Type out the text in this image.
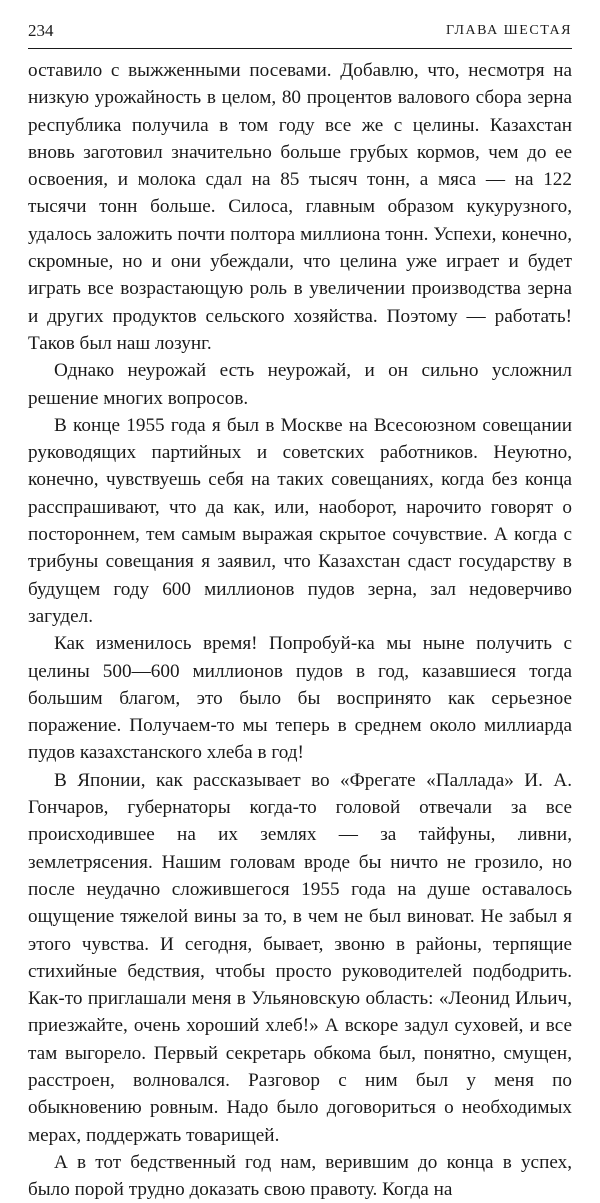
234	ГЛАВА ШЕСТАЯ

оставило с выжженными посевами. Добавлю, что, несмотря на низкую урожайность в целом, 80 процентов валового сбора зерна республика получила в том году все же с целины. Казахстан вновь заготовил значительно больше грубых кормов, чем до ее освоения, и молока сдал на 85 тысяч тонн, а мяса — на 122 тысячи тонн больше. Силоса, главным образом кукурузного, удалось заложить почти полтора миллиона тонн. Успехи, конечно, скромные, но и они убеждали, что целина уже играет и будет играть все возрастающую роль в увеличении производства зерна и других продуктов сельского хозяйства. Поэтому — работать! Таков был наш лозунг.

Однако неурожай есть неурожай, и он сильно усложнил решение многих вопросов.

В конце 1955 года я был в Москве на Всесоюзном совещании руководящих партийных и советских работников. Неуютно, конечно, чувствуешь себя на таких совещаниях, когда без конца расспрашивают, что да как, или, наоборот, нарочито говорят о постороннем, тем самым выражая скрытое сочувствие. А когда с трибуны совещания я заявил, что Казахстан сдаст государству в будущем году 600 миллионов пудов зерна, зал недоверчиво загудел.

Как изменилось время! Попробуй-ка мы ныне получить с целины 500—600 миллионов пудов в год, казавшиеся тогда большим благом, это было бы воспринято как серьезное поражение. Получаем-то мы теперь в среднем около миллиарда пудов казахстанского хлеба в год!

В Японии, как рассказывает во «Фрегате «Паллада» И. А. Гончаров, губернаторы когда-то головой отвечали за все происходившее на их землях — за тайфуны, ливни, землетрясения. Нашим головам вроде бы ничто не грозило, но после неудачно сложившегося 1955 года на душе оставалось ощущение тяжелой вины за то, в чем не был виноват. Не забыл я этого чувства. И сегодня, бывает, звоню в районы, терпящие стихийные бедствия, чтобы просто руководителей подбодрить. Как-то приглашали меня в Ульяновскую область: «Леонид Ильич, приезжайте, очень хороший хлеб!» А вскоре задул суховей, и все там выгорело. Первый секретарь обкома был, понятно, смущен, расстроен, волновался. Разговор с ним был у меня по обыкновению ровным. Надо было договориться о необходимых мерах, поддержать товарищей.

А в тот бедственный год нам, верившим до конца в успех, было порой трудно доказать свою правоту. Когда на
